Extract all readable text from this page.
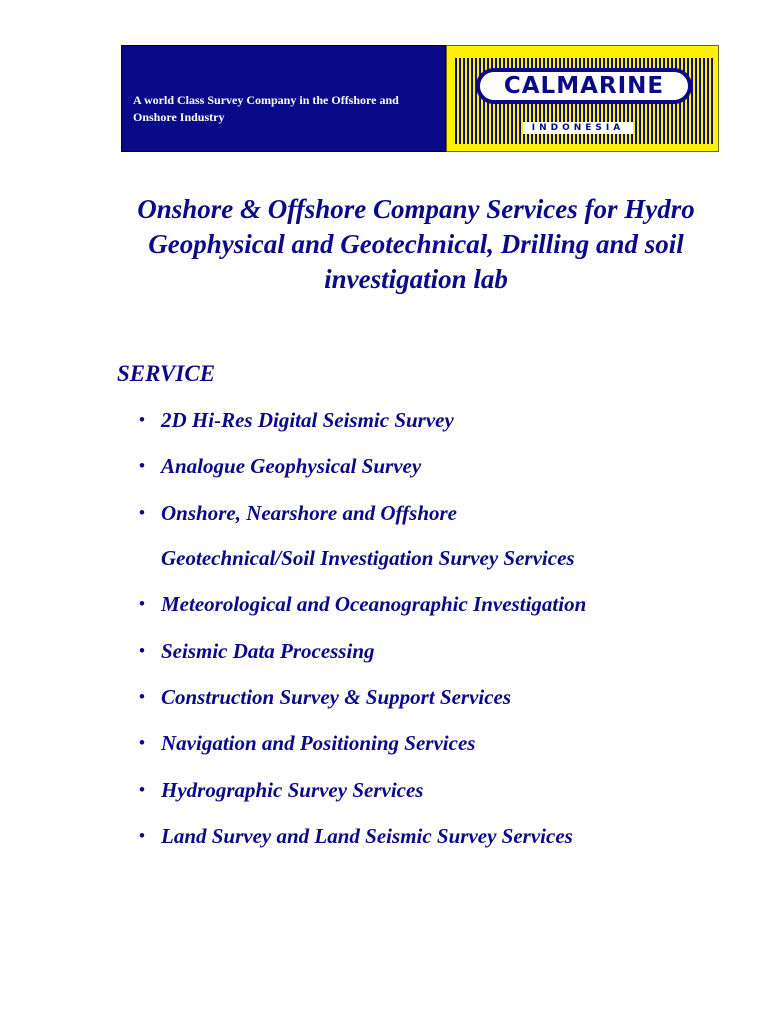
A world Class Survey Company in the Offshore and Onshore Industry
CALMARINE
INDONESIA
Onshore & Offshore Company Services for Hydro Geophysical and Geotechnical, Drilling and soil investigation lab
SERVICE
• 2D Hi-Res Digital Seismic Survey
• Analogue Geophysical Survey
• Onshore, Nearshore and Offshore
Geotechnical/Soil Investigation Survey Services
• Meteorological and Oceanographic Investigation
• Seismic Data Processing
• Construction Survey & Support Services
• Navigation and Positioning Services
• Hydrographic Survey Services
• Land Survey and Land Seismic Survey Services
